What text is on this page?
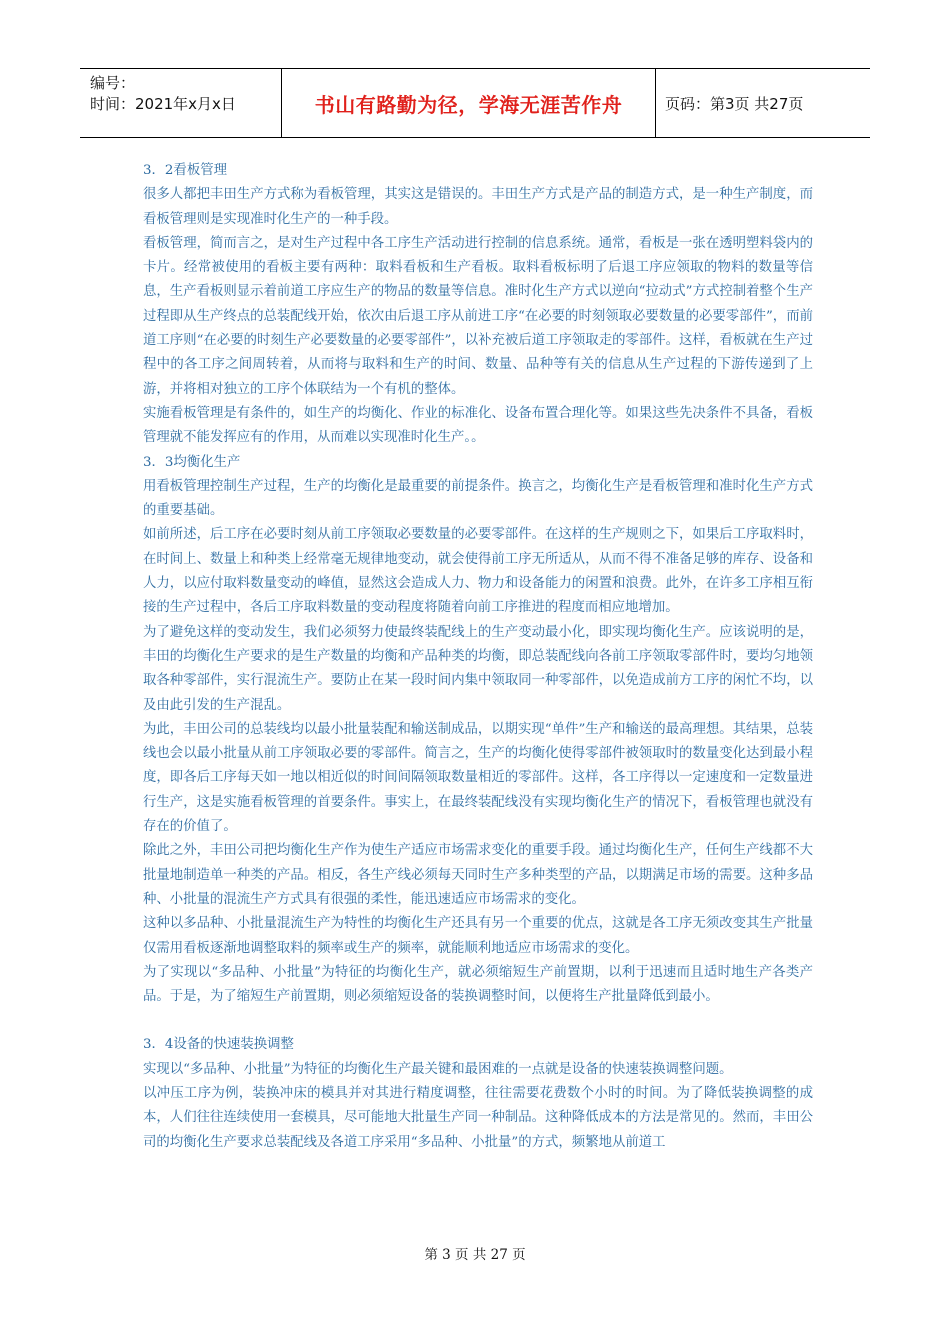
编号：
时间：2021年x月x日	书山有路勤为径，学海无涯苦作舟	页码：第3页 共27页

3．2看板管理

很多人都把丰田生产方式称为看板管理，其实这是错误的。丰田生产方式是产品的制造方式，是一种生产制度，而看板管理则是实现准时化生产的一种手段。

看板管理，简而言之，是对生产过程中各工序生产活动进行控制的信息系统。通常，看板是一张在透明塑料袋内的卡片。经常被使用的看板主要有两种：取料看板和生产看板。取料看板标明了后退工序应领取的物料的数量等信息，生产看板则显示着前道工序应生产的物品的数量等信息。准时化生产方式以逆向“拉动式”方式控制着整个生产过程即从生产终点的总装配线开始，依次由后退工序从前进工序“在必要的时刻领取必要数量的必要零部件”，而前道工序则“在必要的时刻生产必要数量的必要零部件”，以补充被后道工序领取走的零部件。这样，看板就在生产过程中的各工序之间周转着，从而将与取料和生产的时间、数量、品种等有关的信息从生产过程的下游传递到了上游，并将相对独立的工序个体联结为一个有机的整体。

实施看板管理是有条件的，如生产的均衡化、作业的标准化、设备布置合理化等。如果这些先决条件不具备，看板管理就不能发挥应有的作用，从而难以实现准时化生产。。

3．3均衡化生产

用看板管理控制生产过程，生产的均衡化是最重要的前提条件。换言之，均衡化生产是看板管理和准时化生产方式的重要基础。

如前所述，后工序在必要时刻从前工序领取必要数量的必要零部件。在这样的生产规则之下，如果后工序取料时，在时间上、数量上和种类上经常毫无规律地变动，就会使得前工序无所适从，从而不得不准备足够的库存、设备和人力，以应付取料数量变动的峰值，显然这会造成人力、物力和设备能力的闲置和浪费。此外，在许多工序相互衔接的生产过程中，各后工序取料数量的变动程度将随着向前工序推进的程度而相应地增加。

为了避免这样的变动发生，我们必须努力使最终装配线上的生产变动最小化，即实现均衡化生产。应该说明的是，丰田的均衡化生产要求的是生产数量的均衡和产品种类的均衡，即总装配线向各前工序领取零部件时，要均匀地领取各种零部件，实行混流生产。要防止在某一段时间内集中领取同一种零部件，以免造成前方工序的闲忙不均，以及由此引发的生产混乱。

为此，丰田公司的总装线均以最小批量装配和输送制成品，以期实现“单件”生产和输送的最高理想。其结果，总装线也会以最小批量从前工序领取必要的零部件。简言之，生产的均衡化使得零部件被领取时的数量变化达到最小程度，即各后工序每天如一地以相近似的时间间隔领取数量相近的零部件。这样，各工序得以一定速度和一定数量进行生产，这是实施看板管理的首要条件。事实上，在最终装配线没有实现均衡化生产的情况下，看板管理也就没有存在的价值了。

除此之外，丰田公司把均衡化生产作为使生产适应市场需求变化的重要手段。通过均衡化生产，任何生产线都不大批量地制造单一种类的产品。相反，各生产线必须每天同时生产多种类型的产品，以期满足市场的需要。这种多品种、小批量的混流生产方式具有很强的柔性，能迅速适应市场需求的变化。

这种以多品种、小批量混流生产为特性的均衡化生产还具有另一个重要的优点，这就是各工序无须改变其生产批量仅需用看板逐渐地调整取料的频率或生产的频率，就能顺利地适应市场需求的变化。

为了实现以“多品种、小批量”为特征的均衡化生产，就必须缩短生产前置期，以利于迅速而且适时地生产各类产品。于是，为了缩短生产前置期，则必须缩短设备的装换调整时间，以便将生产批量降低到最小。

3．4设备的快速装换调整

实现以“多品种、小批量”为特征的均衡化生产最关键和最困难的一点就是设备的快速装换调整问题。

以冲压工序为例，装换冲床的模具并对其进行精度调整，往往需要花费数个小时的时间。为了降低装换调整的成本，人们往往连续使用一套模具，尽可能地大批量生产同一种制品。这种降低成本的方法是常见的。然而，丰田公司的均衡化生产要求总装配线及各道工序采用“多品种、小批量”的方式，频繁地从前道工

第 3 页 共 27 页
